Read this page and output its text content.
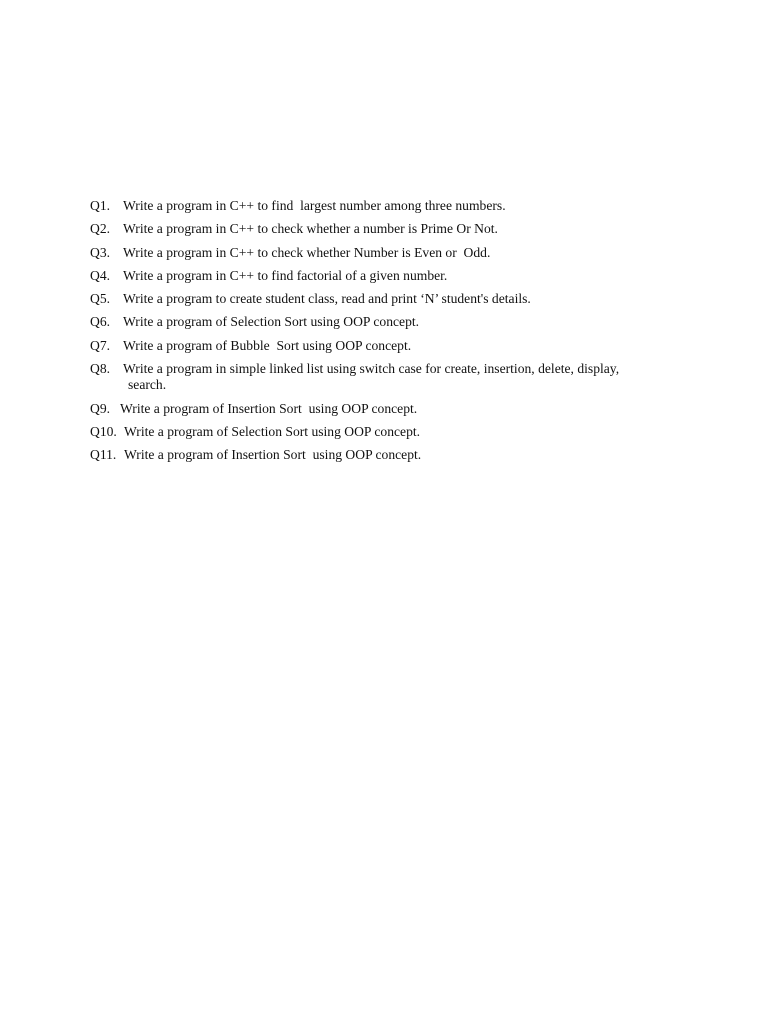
Q1. Write a program in C++ to find  largest number among three numbers.
Q2. Write a program in C++ to check whether a number is Prime Or Not.
Q3. Write a program in C++ to check whether Number is Even or  Odd.
Q4. Write a program in C++ to find factorial of a given number.
Q5. Write a program to create student class, read and print ‘N’ student's details.
Q6. Write a program of Selection Sort using OOP concept.
Q7. Write a program of Bubble  Sort using OOP concept.
Q8. Write a program in simple linked list using switch case for create, insertion, delete, display,
search.
Q9. Write a program of Insertion Sort  using OOP concept.
Q10. Write a program of Selection Sort using OOP concept.
Q11. Write a program of Insertion Sort  using OOP concept.
